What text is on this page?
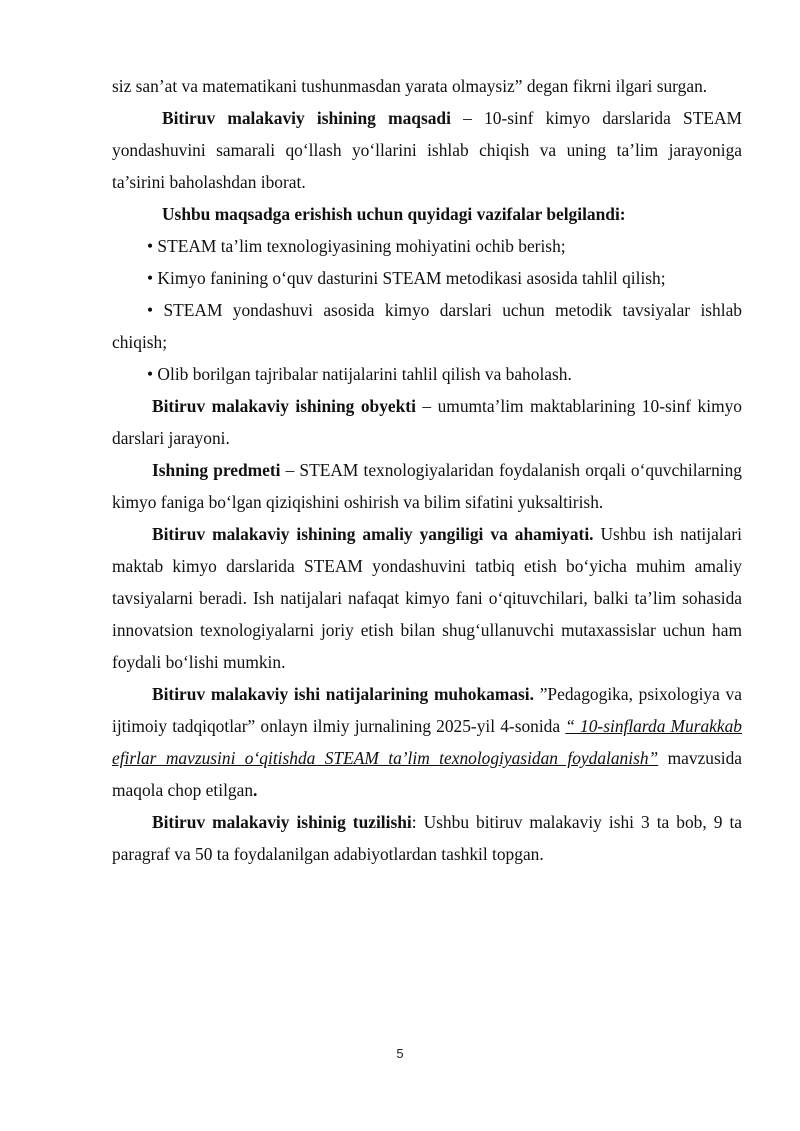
siz san’at va matematikani tushunmasdan yarata olmaysiz” degan fikrni ilgari surgan.

Bitiruv malakaviy ishining maqsadi – 10-sinf kimyo darslarida STEAM yondashuvini samarali qo‘llash yo‘llarini ishlab chiqish va uning ta’lim jarayoniga ta’sirini baholashdan iborat.

Ushbu maqsadga erishish uchun quyidagi vazifalar belgilandi:

• STEAM ta’lim texnologiyasining mohiyatini ochib berish;

• Kimyo fanining o‘quv dasturini STEAM metodikasi asosida tahlil qilish;

• STEAM yondashuvi asosida kimyo darslari uchun metodik tavsiyalar ishlab chiqish;

• Olib borilgan tajribalar natijalarini tahlil qilish va baholash.

Bitiruv malakaviy ishining obyekti – umumta’lim maktablarining 10-sinf kimyo darslari jarayoni.

Ishning predmeti – STEAM texnologiyalaridan foydalanish orqali o‘quvchilarning kimyo faniga bo‘lgan qiziqishini oshirish va bilim sifatini yuksaltirish.

Bitiruv malakaviy ishining amaliy yangiligi va ahamiyati. Ushbu ish natijalari maktab kimyo darslarida STEAM yondashuvini tatbiq etish bo‘yicha muhim amaliy tavsiyalarni beradi. Ish natijalari nafaqat kimyo fani o‘qituvchilari, balki ta’lim sohasida innovatsion texnologiyalarni joriy etish bilan shug‘ullanuvchi mutaxassislar uchun ham foydali bo‘lishi mumkin.

Bitiruv malakaviy ishi natijalarining muhokamasi. ”Pedagogika, psixologiya va ijtimoiy tadqiqotlar” onlayn ilmiy jurnalining 2025-yil 4-sonida “ 10-sinflarda Murakkab efirlar mavzusini o‘qitishda STEAM ta’lim texnologiyasidan foydalanish” mavzusida maqola chop etilgan.

Bitiruv malakaviy ishinig tuzilishi: Ushbu bitiruv malakaviy ishi 3 ta bob, 9 ta paragraf va 50 ta foydalanilgan adabiyotlardan tashkil topgan.

5
